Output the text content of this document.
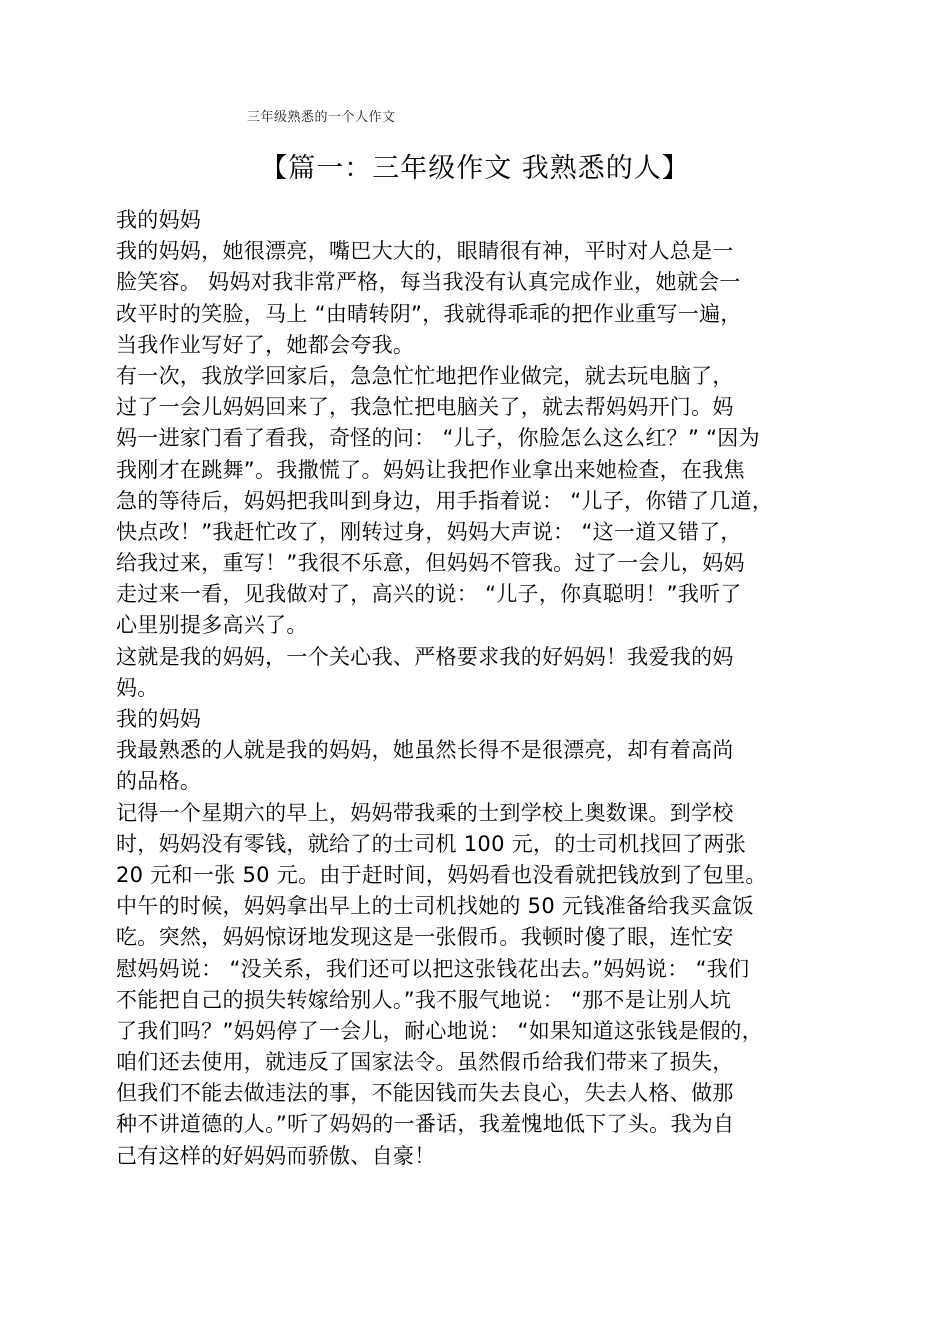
三年级熟悉的一个人作文
【篇一：三年级作文 我熟悉的人】
我的妈妈
我的妈妈，她很漂亮，嘴巴大大的，眼睛很有神，平时对人总是一
脸笑容。 妈妈对我非常严格，每当我没有认真完成作业，她就会一
改平时的笑脸，马上 “由晴转阴”，我就得乖乖的把作业重写一遍，
当我作业写好了，她都会夸我。
有一次，我放学回家后，急急忙忙地把作业做完，就去玩电脑了，
过了一会儿妈妈回来了，我急忙把电脑关了，就去帮妈妈开门。妈
妈一进家门看了看我，奇怪的问： “儿子，你脸怎么这么红？” “因为
我刚才在跳舞”。我撒慌了。妈妈让我把作业拿出来她检查，在我焦
急的等待后，妈妈把我叫到身边，用手指着说： “儿子，你错了几道，
快点改！”我赶忙改了，刚转过身，妈妈大声说： “这一道又错了，
给我过来，重写！”我很不乐意，但妈妈不管我。过了一会儿，妈妈
走过来一看，见我做对了，高兴的说： “儿子，你真聪明！”我听了
心里别提多高兴了。
这就是我的妈妈，一个关心我、严格要求我的好妈妈！我爱我的妈
妈。
我的妈妈
我最熟悉的人就是我的妈妈，她虽然长得不是很漂亮，却有着高尚
的品格。
记得一个星期六的早上，妈妈带我乘的士到学校上奥数课。到学校
时，妈妈没有零钱，就给了的士司机 100 元，的士司机找回了两张
20 元和一张 50 元。由于赶时间，妈妈看也没看就把钱放到了包里。
中午的时候，妈妈拿出早上的士司机找她的 50 元钱准备给我买盒饭
吃。突然，妈妈惊讶地发现这是一张假币。我顿时傻了眼，连忙安
慰妈妈说： “没关系，我们还可以把这张钱花出去。”妈妈说： “我们
不能把自己的损失转嫁给别人。”我不服气地说： “那不是让别人坑
了我们吗？”妈妈停了一会儿，耐心地说： “如果知道这张钱是假的，
咱们还去使用，就违反了国家法令。虽然假币给我们带来了损失，
但我们不能去做违法的事，不能因钱而失去良心，失去人格、做那
种不讲道德的人。”听了妈妈的一番话，我羞愧地低下了头。我为自
己有这样的好妈妈而骄傲、自豪！
